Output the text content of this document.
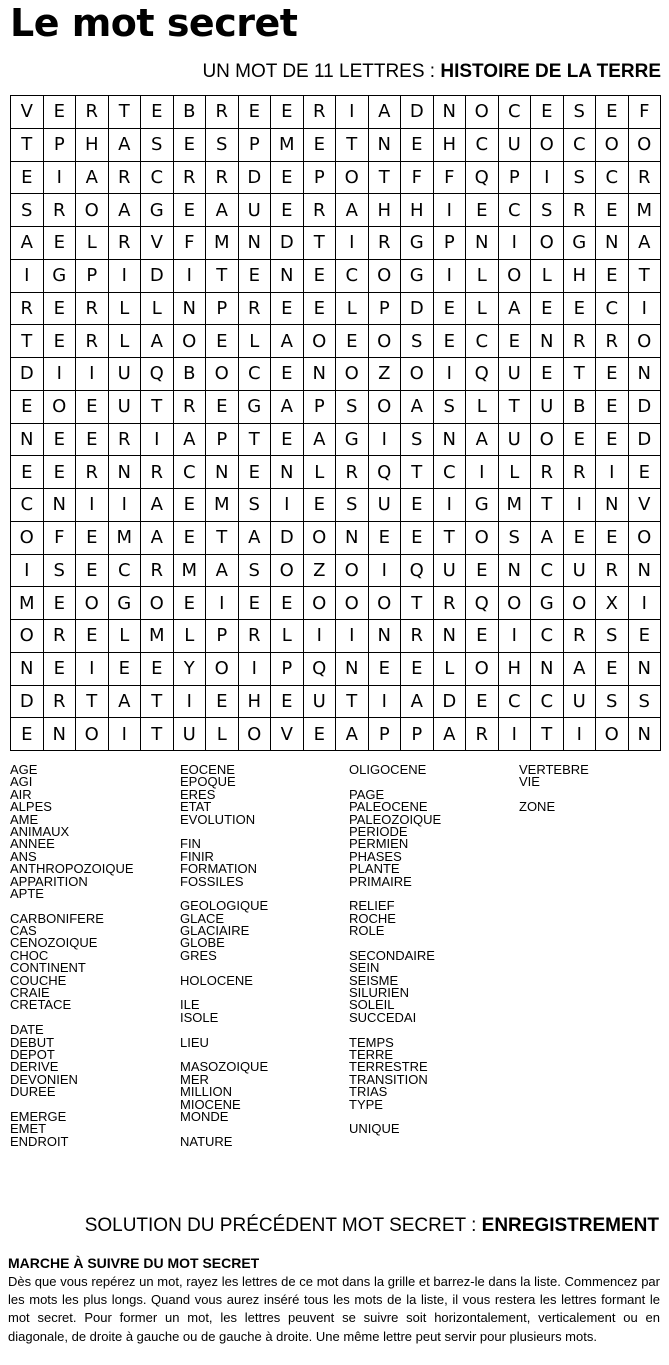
Le mot secret
UN MOT DE 11 LETTRES : HISTOIRE DE LA TERRE
V	E	R	T	E	B	R	E	E	R	I	A	D	N	O	C	E	S	E	F
T	P	H	A	S	E	S	P	M	E	T	N	E	H	C	U	O	C	O	O
E	I	A	R	C	R	R	D	E	P	O	T	F	F	Q	P	I	S	C	R
S	R	O	A	G	E	A	U	E	R	A	H	H	I	E	C	S	R	E	M
A	E	L	R	V	F	M	N	D	T	I	R	G	P	N	I	O	G	N	A
I	G	P	I	D	I	T	E	N	E	C	O	G	I	L	O	L	H	E	T
R	E	R	L	L	N	P	R	E	E	L	P	D	E	L	A	E	E	C	I
T	E	R	L	A	O	E	L	A	O	E	O	S	E	C	E	N	R	R	O
D	I	I	U	Q	B	O	C	E	N	O	Z	O	I	Q	U	E	T	E	N
E	O	E	U	T	R	E	G	A	P	S	O	A	S	L	T	U	B	E	D
N	E	E	R	I	A	P	T	E	A	G	I	S	N	A	U	O	E	E	D
E	E	R	N	R	C	N	E	N	L	R	Q	T	C	I	L	R	R	I	E
C	N	I	I	A	E	M	S	I	E	S	U	E	I	G	M	T	I	N	V
O	F	E	M	A	E	T	A	D	O	N	E	E	T	O	S	A	E	E	O
I	S	E	C	R	M	A	S	O	Z	O	I	Q	U	E	N	C	U	R	N
M	E	O	G	O	E	I	E	E	O	O	O	T	R	Q	O	G	O	X	I
O	R	E	L	M	L	P	R	L	I	I	N	R	N	E	I	C	R	S	E
N	E	I	E	E	Y	O	I	P	Q	N	E	E	L	O	H	N	A	E	N
D	R	T	A	T	I	E	H	E	U	T	I	A	D	E	C	C	U	S	S
E	N	O	I	T	U	L	O	V	E	A	P	P	A	R	I	T	I	O	N
AGE
AGI
AIR
ALPES
AME
ANIMAUX
ANNEE
ANS
ANTHROPOZOIQUE
APPARITION
APTE
CARBONIFERE
CAS
CENOZOIQUE
CHOC
CONTINENT
COUCHE
CRAIE
CRETACE
DATE
DEBUT
DEPOT
DERIVE
DEVONIEN
DUREE
EMERGE
EMET
ENDROIT
EOCENE
EPOQUE
ERES
ETAT
EVOLUTION
FIN
FINIR
FORMATION
FOSSILES
GEOLOGIQUE
GLACE
GLACIAIRE
GLOBE
GRES
HOLOCENE
ILE
ISOLE
LIEU
MASOZOIQUE
MER
MILLION
MIOCENE
MONDE
NATURE
OLIGOCENE
PAGE
PALEOCENE
PALEOZOIQUE
PERIODE
PERMIEN
PHASES
PLANTE
PRIMAIRE
RELIEF
ROCHE
ROLE
SECONDAIRE
SEIN
SEISME
SILURIEN
SOLEIL
SUCCEDAI
TEMPS
TERRE
TERRESTRE
TRANSITION
TRIAS
TYPE
UNIQUE
VERTEBRE
VIE
ZONE
SOLUTION DU PRÉCÉDENT MOT SECRET : ENREGISTREMENT
MARCHE À SUIVRE DU MOT SECRET
Dès que vous repérez un mot, rayez les lettres de ce mot dans la grille et barrez-le dans la liste. Commencez par les mots les plus longs. Quand vous aurez inséré tous les mots de la liste, il vous restera les lettres formant le mot secret. Pour former un mot, les lettres peuvent se suivre soit horizontalement, verticalement ou en diagonale, de droite à gauche ou de gauche à droite. Une même lettre peut servir pour plusieurs mots.
